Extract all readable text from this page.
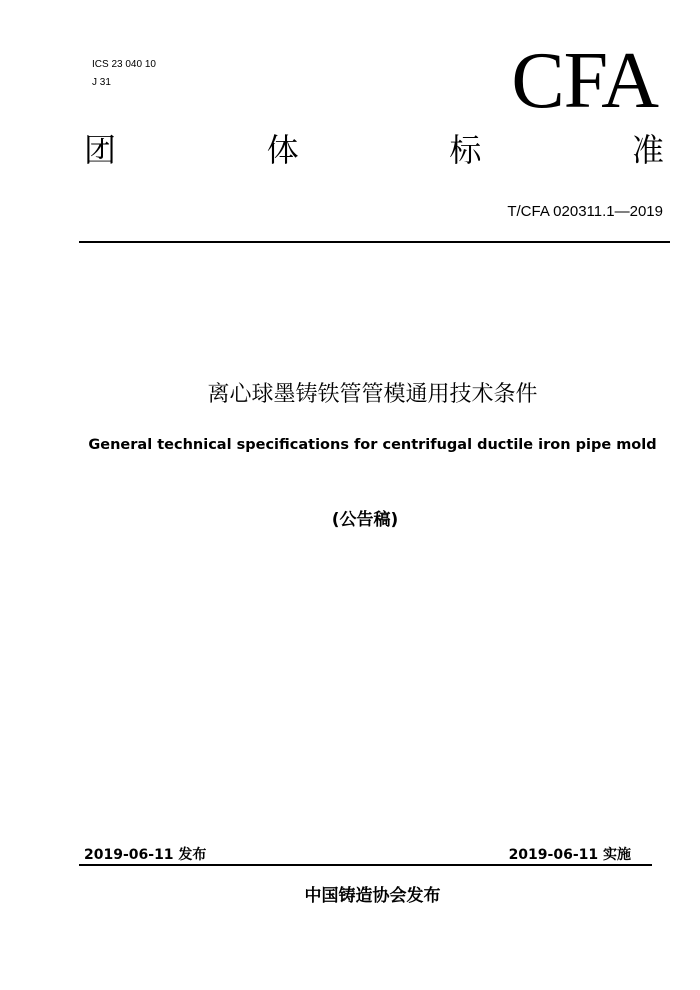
ICS 23 040 10
J 31	CFA
团	体	标	准
T/CFA 020311.1—2019
离心球墨铸铁管管模通用技术条件
General technical specifications for centrifugal ductile iron pipe mold
(公告稿)
2019-06-11 发布	2019-06-11 实施
中国铸造协会发布
